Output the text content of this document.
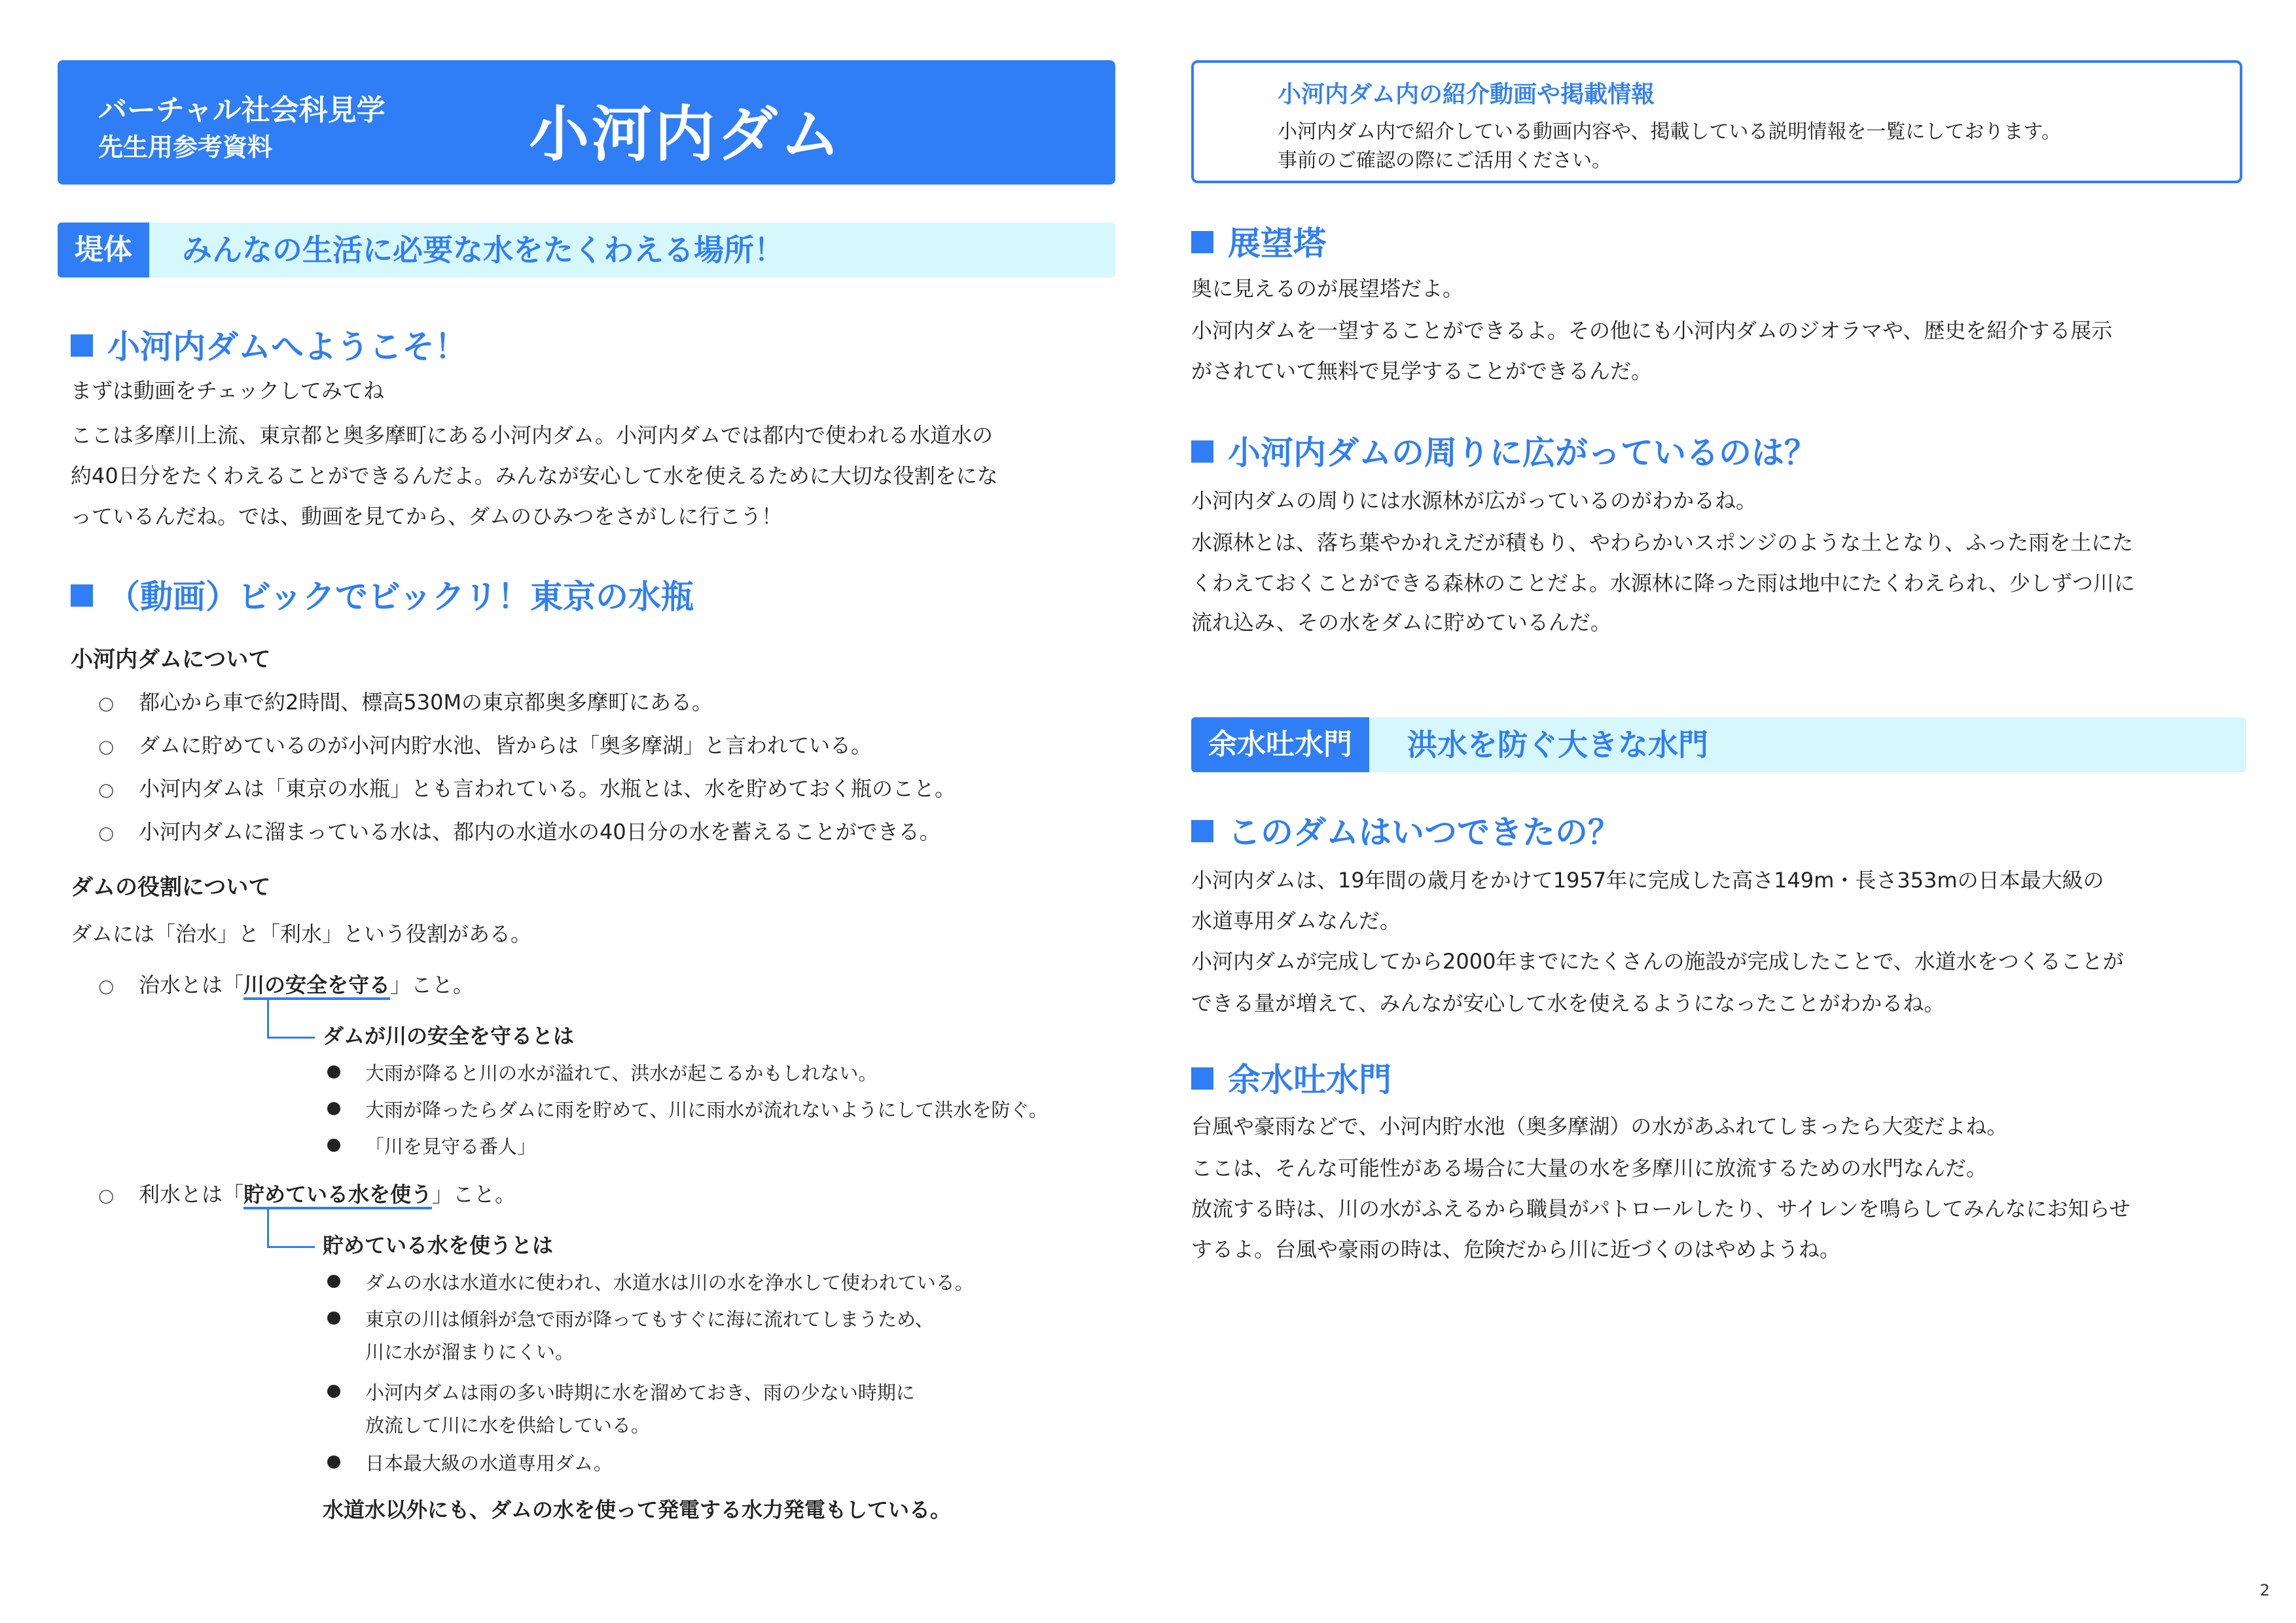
バーチャル社会科見学
先生用参考資料	小河内ダム
堤体	みんなの生活に必要な水をたくわえる場所！
小河内ダムへようこそ！
まずは動画をチェックしてみてね
ここは多摩川上流、東京都と奥多摩町にある小河内ダム。小河内ダムでは都内で使われる水道水の
約40日分をたくわえることができるんだよ。みんなが安心して水を使えるために大切な役割をにな
っているんだね。では、動画を見てから、ダムのひみつをさがしに行こう！
（動画）ビックでビックリ！東京の水瓶
小河内ダムについて
○ 都心から車で約2時間、標高530Mの東京都奥多摩町にある。
○ ダムに貯めているのが小河内貯水池、皆からは「奥多摩湖」と言われている。
○ 小河内ダムは「東京の水瓶」とも言われている。水瓶とは、水を貯めておく瓶のこと。
○ 小河内ダムに溜まっている水は、都内の水道水の40日分の水を蓄えることができる。
ダムの役割について
ダムには「治水」と「利水」という役割がある。
○ 治水とは「川の安全を守る」こと。
ダムが川の安全を守るとは
大雨が降ると川の水が溢れて、洪水が起こるかもしれない。
大雨が降ったらダムに雨を貯めて、川に雨水が流れないようにして洪水を防ぐ。
「川を見守る番人」
○ 利水とは「貯めている水を使う」こと。
貯めている水を使うとは
ダムの水は水道水に使われ、水道水は川の水を浄水して使われている。
東京の川は傾斜が急で雨が降ってもすぐに海に流れてしまうため、
川に水が溜まりにくい。
小河内ダムは雨の多い時期に水を溜めておき、雨の少ない時期に
放流して川に水を供給している。
日本最大級の水道専用ダム。
水道水以外にも、ダムの水を使って発電する水力発電もしている。
小河内ダム内の紹介動画や掲載情報
小河内ダム内で紹介している動画内容や、掲載している説明情報を一覧にしております。
事前のご確認の際にご活用ください。
展望塔
奥に見えるのが展望塔だよ。
小河内ダムを一望することができるよ。その他にも小河内ダムのジオラマや、歴史を紹介する展示
がされていて無料で見学することができるんだ。
小河内ダムの周りに広がっているのは？
小河内ダムの周りには水源林が広がっているのがわかるね。
水源林とは、落ち葉やかれえだが積もり、やわらかいスポンジのような土となり、ふった雨を土にた
くわえておくことができる森林のことだよ。水源林に降った雨は地中にたくわえられ、少しずつ川に
流れ込み、その水をダムに貯めているんだ。
余水吐水門	洪水を防ぐ大きな水門
このダムはいつできたの？
小河内ダムは、19年間の歳月をかけて1957年に完成した高さ149m・長さ353mの日本最大級の
水道専用ダムなんだ。
小河内ダムが完成してから2000年までにたくさんの施設が完成したことで、水道水をつくることが
できる量が増えて、みんなが安心して水を使えるようになったことがわかるね。
余水吐水門
台風や豪雨などで、小河内貯水池（奥多摩湖）の水があふれてしまったら大変だよね。
ここは、そんな可能性がある場合に大量の水を多摩川に放流するための水門なんだ。
放流する時は、川の水がふえるから職員がパトロールしたり、サイレンを鳴らしてみんなにお知らせ
するよ。台風や豪雨の時は、危険だから川に近づくのはやめようね。
2
